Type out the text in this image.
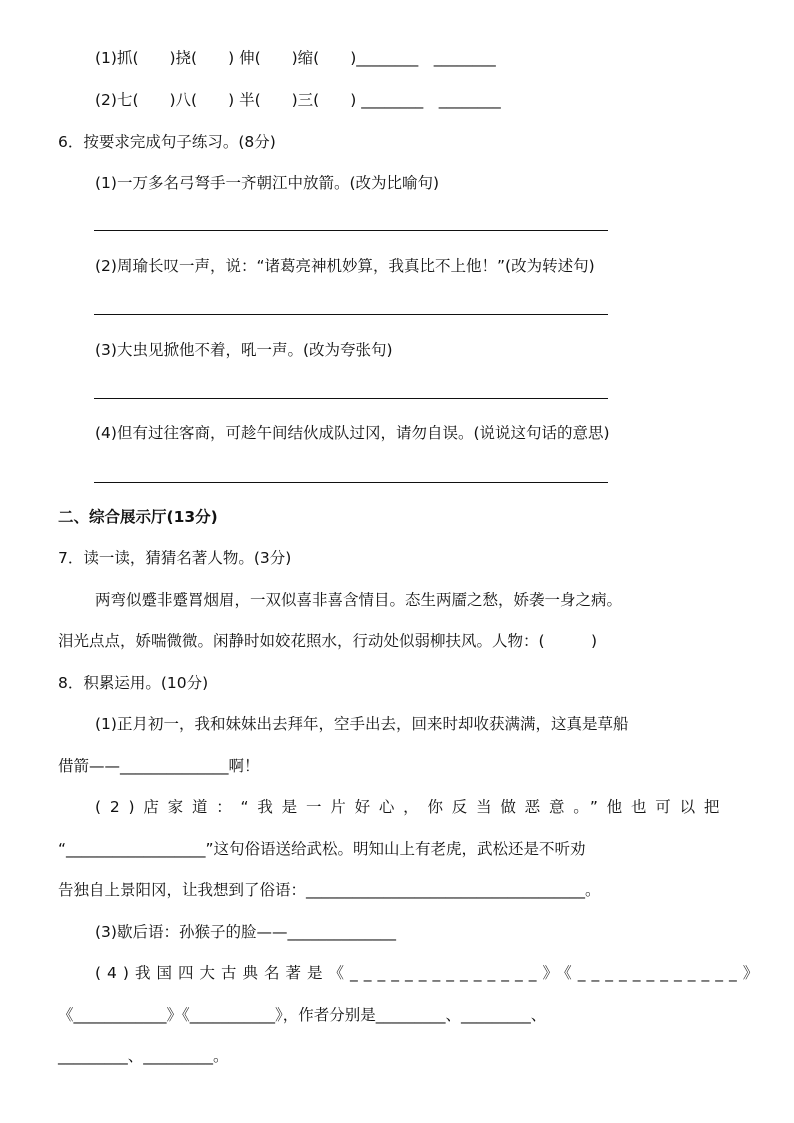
(1)抓(　　)挠(　　) 伸(　　)缩(　　)________　________
(2)七(　　)八(　　) 半(　　)三(　　) ________　________
6．按要求完成句子练习。(8分)
(1)一万多名弓弩手一齐朝江中放箭。(改为比喻句)
(2)周瑜长叹一声，说：“诸葛亮神机妙算，我真比不上他！”(改为转述句)
(3)大虫见掀他不着，吼一声。(改为夸张句)
(4)但有过往客商，可趁午间结伙成队过冈，请勿自误。(说说这句话的意思)
二、综合展示厅(13分)
7．读一读，猜猜名著人物。(3分)
两弯似蹙非蹙罥烟眉，一双似喜非喜含情目。态生两靥之愁，娇袭一身之病。
泪光点点，娇喘微微。闲静时如姣花照水，行动处似弱柳扶风。人物：(　　　)
8．积累运用。(10分)
(1)正月初一，我和妹妹出去拜年，空手出去，回来时却收获满满，这真是草船
借箭——______________啊！
(2)店家道：“我是一片好心，你反当做恶意。”他也可以把
“__________________”这句俗语送给武松。明知山上有老虎，武松还是不听劝
告独自上景阳冈，让我想到了俗语：____________________________________。
(3)歇后语：孙猴子的脸——______________
(4)我国四大古典名著是《______________》《____________》
《____________》《___________》，作者分别是_________、_________、
_________、_________。
